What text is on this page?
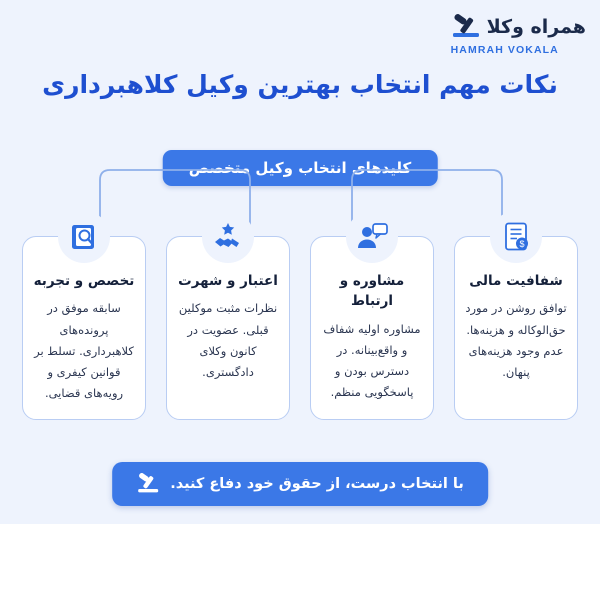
همراه وکلا
HAMRAH VOKALA
نکات مهم انتخاب بهترین وکیل کلاهبرداری
کلیدهای انتخاب وکیل متخصص
$
شفافیت مالی
توافق روشن در مورد حق‌الوکاله و هزینه‌ها. عدم وجود هزینه‌های پنهان.
مشاوره و ارتباط
مشاوره اولیه شفاف و واقع‌بینانه. در دسترس بودن و پاسخگویی منظم.
اعتبار و شهرت
نظرات مثبت موکلین قبلی. عضویت در کانون وکلای دادگستری.
تخصص و تجربه
سابقه موفق در پرونده‌های کلاهبرداری. تسلط بر قوانین کیفری و رویه‌های قضایی.
با انتخاب درست، از حقوق خود دفاع کنید.
